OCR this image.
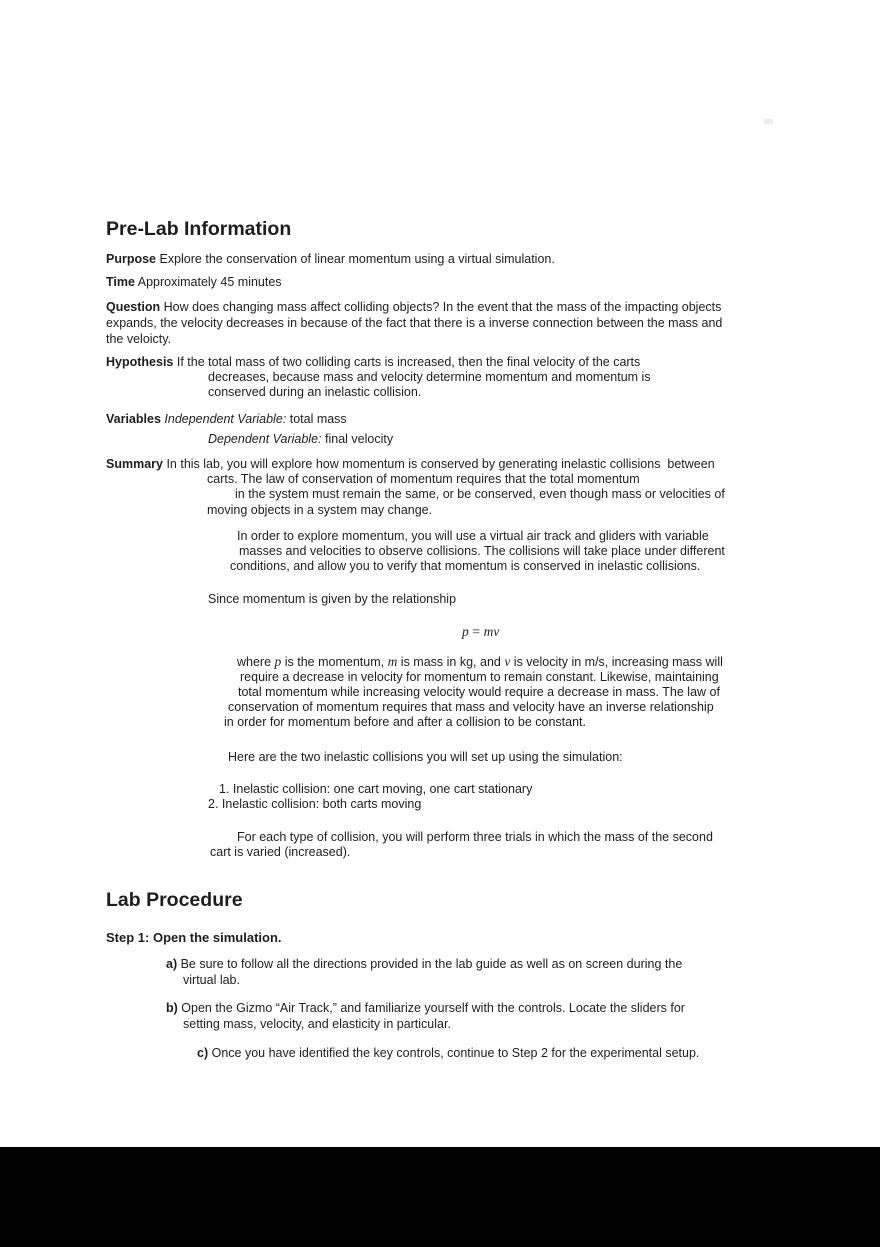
Pre-Lab Information
Purpose Explore the conservation of linear momentum using a virtual simulation.
Time Approximately 45 minutes
Question How does changing mass affect colliding objects? In the event that the mass of the impacting objects
expands, the velocity decreases in because of the fact that there is a inverse connection between the mass and
the veloicty.
Hypothesis If the total mass of two colliding carts is increased, then the final velocity of the carts
decreases, because mass and velocity determine momentum and momentum is
conserved during an inelastic collision.
Variables Independent Variable: total mass
Dependent Variable: final velocity
Summary In this lab, you will explore how momentum is conserved by generating inelastic collisions  between
carts. The law of conservation of momentum requires that the total momentum
in the system must remain the same, or be conserved, even though mass or velocities of
moving objects in a system may change.
In order to explore momentum, you will use a virtual air track and gliders with variable
masses and velocities to observe collisions. The collisions will take place under different
conditions, and allow you to verify that momentum is conserved in inelastic collisions.
Since momentum is given by the relationship
p = mv
where p is the momentum, m is mass in kg, and v is velocity in m/s, increasing mass will
require a decrease in velocity for momentum to remain constant. Likewise, maintaining
total momentum while increasing velocity would require a decrease in mass. The law of
conservation of momentum requires that mass and velocity have an inverse relationship
in order for momentum before and after a collision to be constant.
Here are the two inelastic collisions you will set up using the simulation:
1. Inelastic collision: one cart moving, one cart stationary
2. Inelastic collision: both carts moving
For each type of collision, you will perform three trials in which the mass of the second
cart is varied (increased).
Lab Procedure
Step 1: Open the simulation.
a) Be sure to follow all the directions provided in the lab guide as well as on screen during the
virtual lab.
b) Open the Gizmo “Air Track,” and familiarize yourself with the controls. Locate the sliders for
setting mass, velocity, and elasticity in particular.
c) Once you have identified the key controls, continue to Step 2 for the experimental setup.
